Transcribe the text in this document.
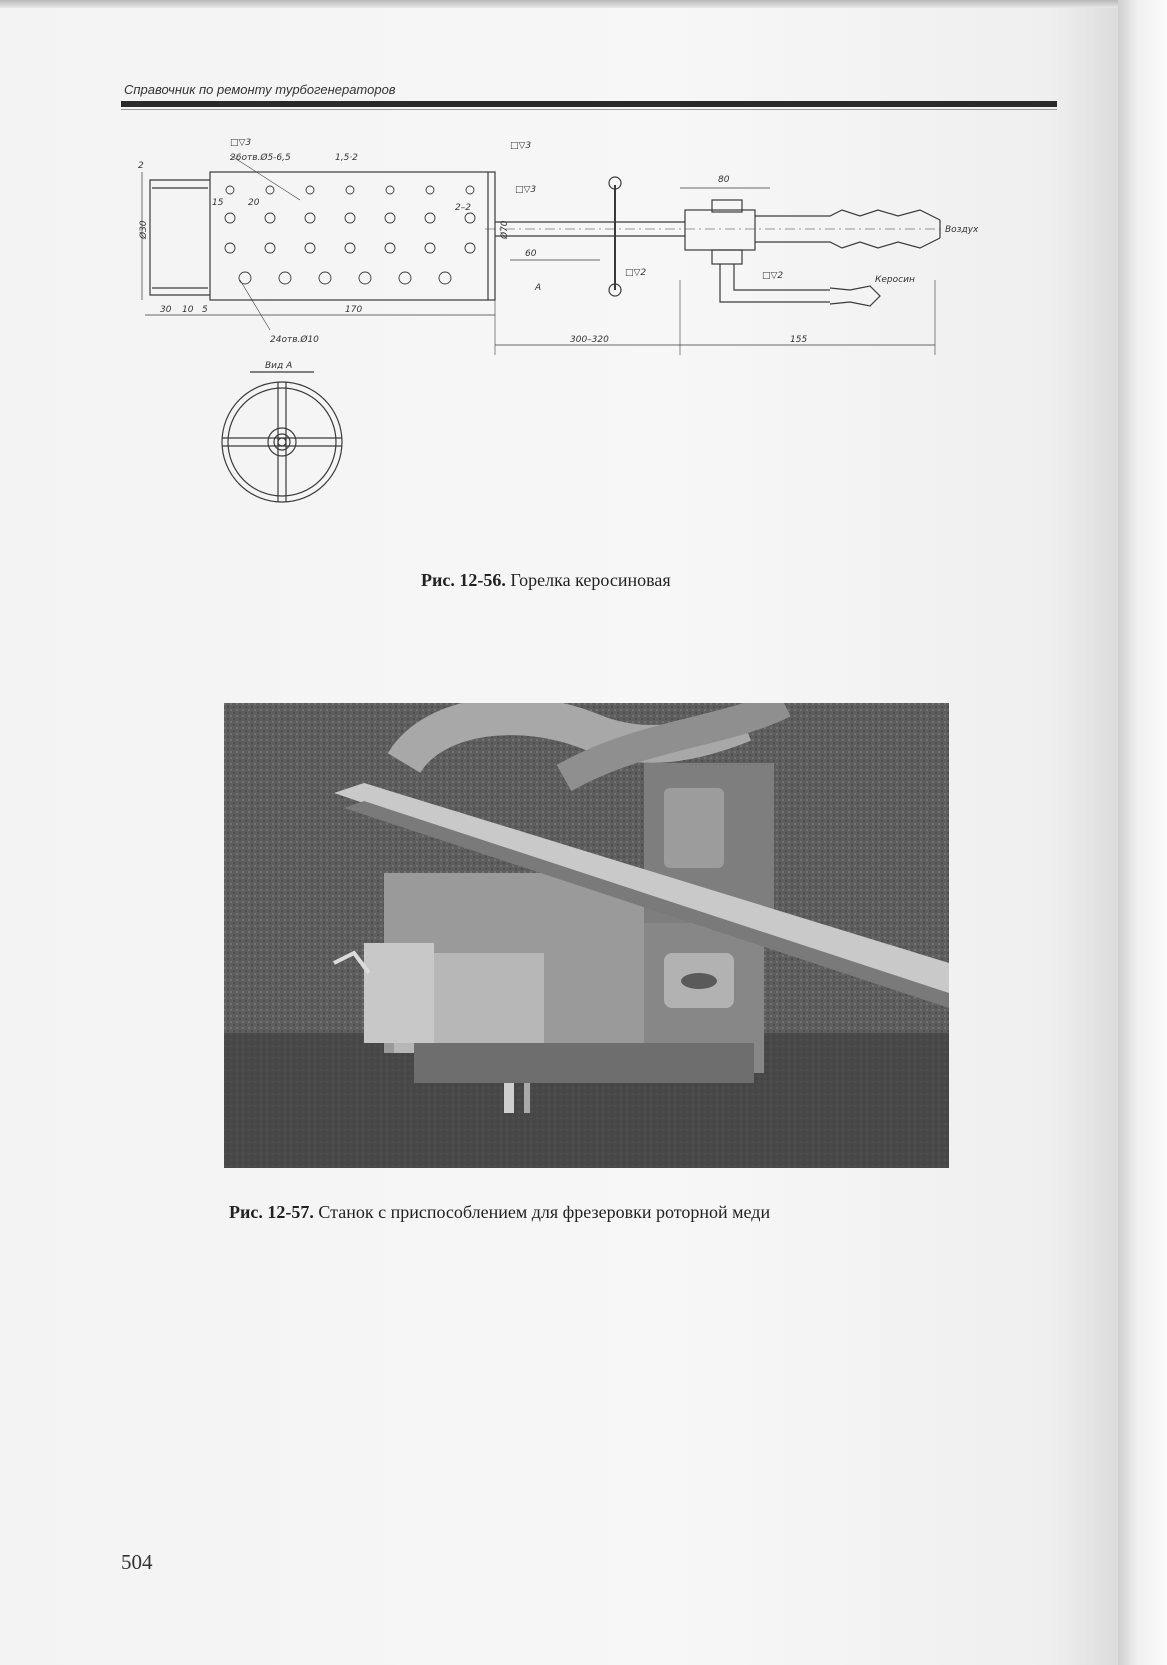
Справочник по ремонту турбогенераторов
□▽3
26отв.Ø5-6,5	1,5·2
□▽3
□▽3
2
Ø30	Ø70
20
15	2–2
30 10 5	170
24отв.Ø10
60
А
□▽2	□▽2
80
300–320	155
Воздух
Керосин
Вид А
Рис. 12-56. Горелка керосиновая
Рис. 12-57. Станок с приспособлением для фрезеровки роторной меди
504
